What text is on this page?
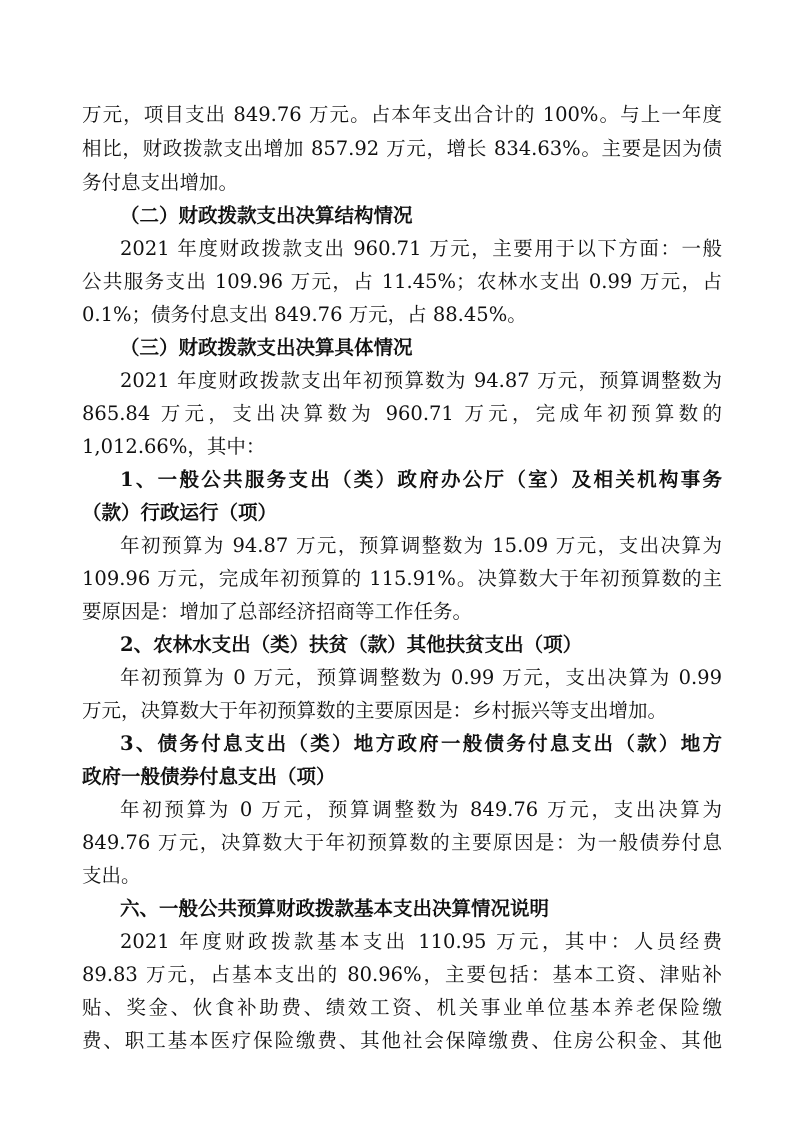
万元，项目支出 849.76 万元。占本年支出合计的 100%。与上一年度
相比，财政拨款支出增加 857.92 万元，增长 834.63%。主要是因为债
务付息支出增加。
（二）财政拨款支出决算结构情况
2021 年度财政拨款支出 960.71 万元，主要用于以下方面：一般
公共服务支出 109.96 万元，占 11.45%；农林水支出 0.99 万元，占
0.1%；债务付息支出 849.76 万元，占 88.45%。
（三）财政拨款支出决算具体情况
2021 年度财政拨款支出年初预算数为 94.87 万元，预算调整数为
865.84 万元，支出决算数为 960.71 万元，完成年初预算数的
1,012.66%，其中：
1、一般公共服务支出（类）政府办公厅（室）及相关机构事务
（款）行政运行（项）
年初预算为 94.87 万元，预算调整数为 15.09 万元，支出决算为
109.96 万元，完成年初预算的 115.91%。决算数大于年初预算数的主
要原因是：增加了总部经济招商等工作任务。
2、农林水支出（类）扶贫（款）其他扶贫支出（项）
年初预算为 0 万元，预算调整数为 0.99 万元，支出决算为 0.99
万元，决算数大于年初预算数的主要原因是：乡村振兴等支出增加。
3、债务付息支出（类）地方政府一般债务付息支出（款）地方
政府一般债券付息支出（项）
年初预算为 0 万元，预算调整数为 849.76 万元，支出决算为
849.76 万元，决算数大于年初预算数的主要原因是：为一般债券付息
支出。
六、一般公共预算财政拨款基本支出决算情况说明
2021 年度财政拨款基本支出 110.95 万元，其中：人员经费
89.83 万元，占基本支出的 80.96%，主要包括：基本工资、津贴补
贴、奖金、伙食补助费、绩效工资、机关事业单位基本养老保险缴
费、职工基本医疗保险缴费、其他社会保障缴费、住房公积金、其他
